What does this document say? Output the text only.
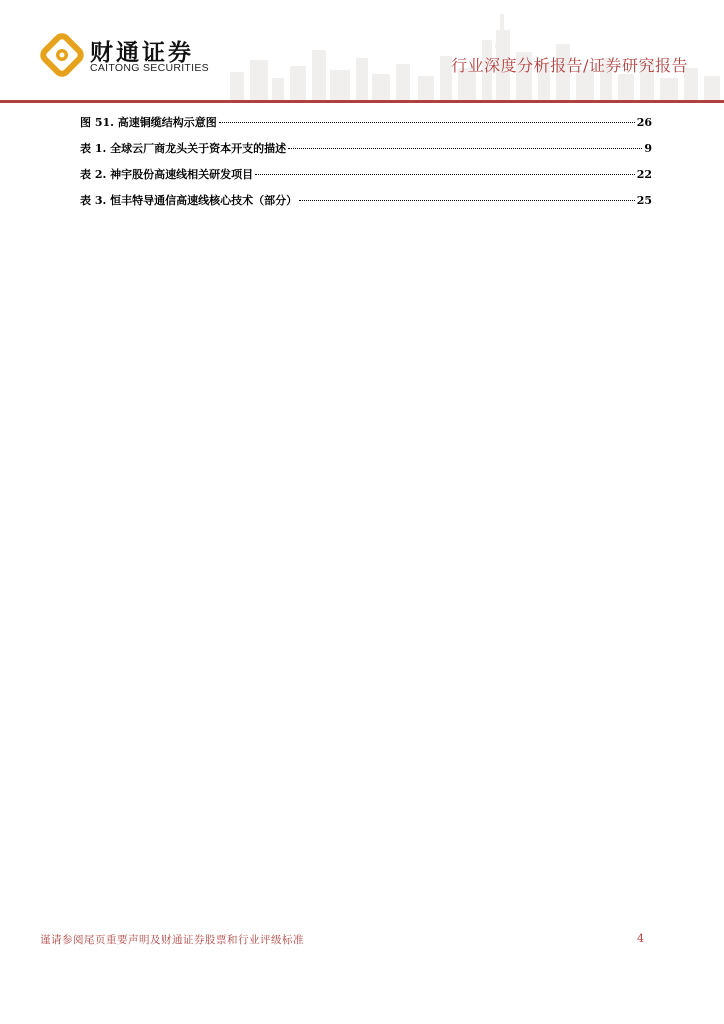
财通证券
CAITONG SECURITIES	行业深度分析报告/证券研究报告
图 51. 高速铜缆结构示意图	26
表 1. 全球云厂商龙头关于资本开支的描述	9
表 2. 神宇股份高速线相关研发项目	22
表 3. 恒丰特导通信高速线核心技术（部分）	25
谨请参阅尾页重要声明及财通证券股票和行业评级标准	4
